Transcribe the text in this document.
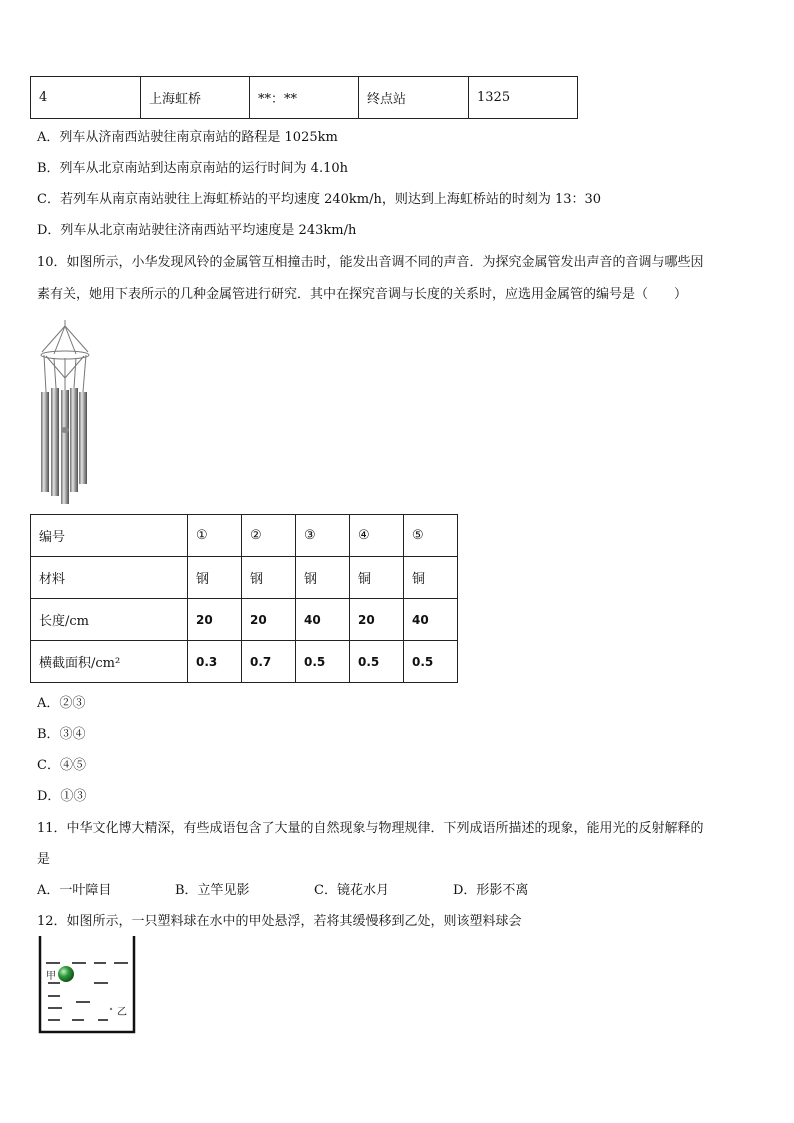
4	上海虹桥	**：**	终点站	1325
A．列车从济南西站驶往南京南站的路程是 1025km
B．列车从北京南站到达南京南站的运行时间为 4.10h
C．若列车从南京南站驶往上海虹桥站的平均速度 240km/h，则达到上海虹桥站的时刻为 13：30
D．列车从北京南站驶往济南西站平均速度是 243km/h
10．如图所示，小华发现风铃的金属管互相撞击时，能发出音调不同的声音．为探究金属管发出声音的音调与哪些因
素有关，她用下表所示的几种金属管进行研究．其中在探究音调与长度的关系时，应选用金属管的编号是（　　）
编号	①	②	③	④	⑤
材料	钢	钢	钢	铜	铜
长度/cm	20	20	40	20	40
横截面积/cm²	0.3	0.7	0.5	0.5	0.5
A．②③
B．③④
C．④⑤
D．①③
11．中华文化博大精深，有些成语包含了大量的自然现象与物理规律．下列成语所描述的现象，能用光的反射解释的
是
A．一叶障目	B．立竿见影	C．镜花水月	D．形影不离
12．如图所示，一只塑料球在水中的甲处悬浮，若将其缓慢移到乙处，则该塑料球会
甲
乙
